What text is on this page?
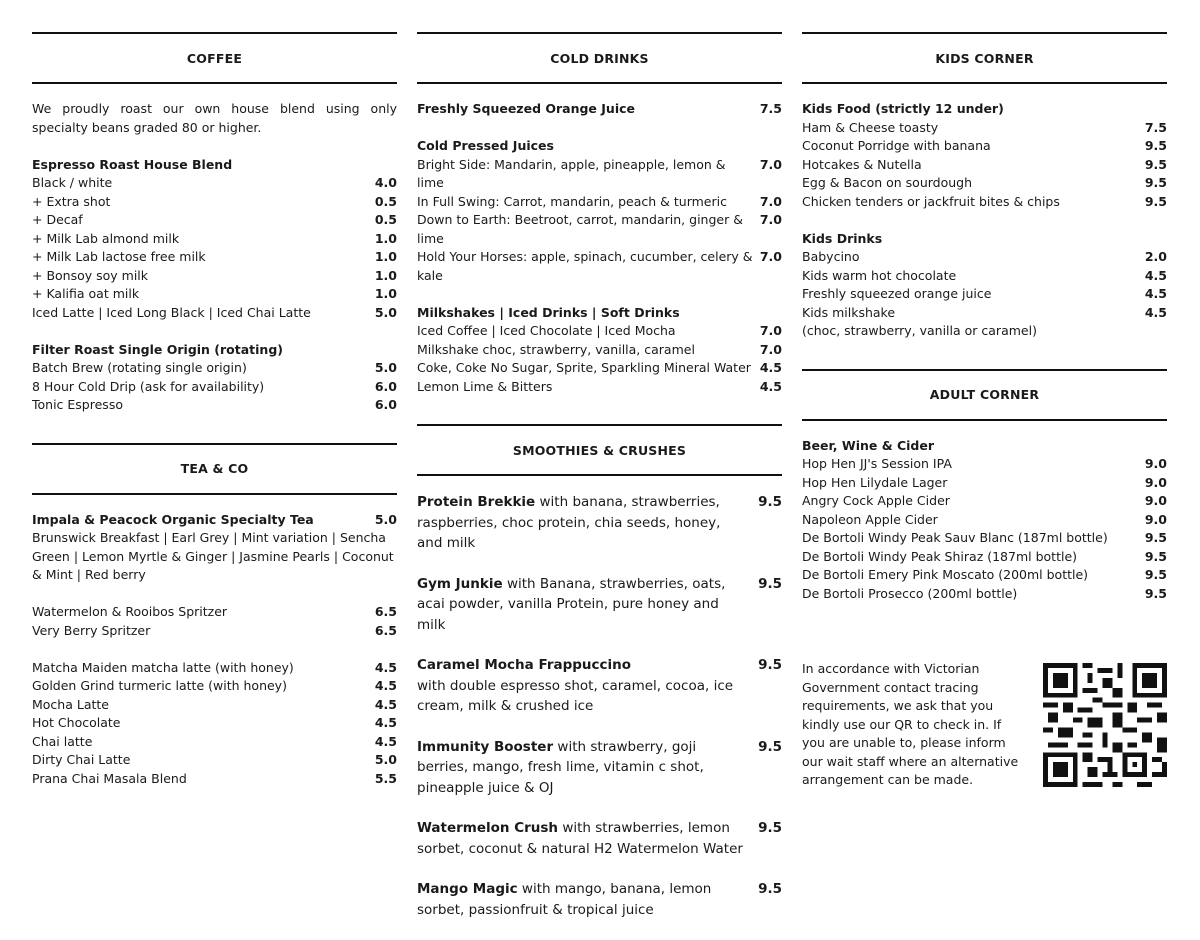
COFFEE
We proudly roast our own house blend using only specialty beans graded 80 or higher.
Espresso Roast House Blend
Black / white	4.0
+ Extra shot	0.5
+ Decaf	0.5
+ Milk Lab almond milk	1.0
+ Milk Lab lactose free milk	1.0
+ Bonsoy soy milk	1.0
+ Kalifia oat milk	1.0
Iced Latte | Iced Long Black | Iced Chai Latte	5.0
Filter Roast Single Origin (rotating)
Batch Brew (rotating single origin)	5.0
8 Hour Cold Drip (ask for availability)	6.0
Tonic Espresso	6.0
TEA & CO
Impala & Peacock Organic Specialty Tea	5.0
Brunswick Breakfast | Earl Grey | Mint variation | Sencha Green | Lemon Myrtle & Ginger | Jasmine Pearls | Coconut & Mint | Red berry
Watermelon & Rooibos Spritzer	6.5
Very Berry Spritzer	6.5
Matcha Maiden matcha latte (with honey)	4.5
Golden Grind turmeric latte (with honey)	4.5
Mocha Latte	4.5
Hot Chocolate	4.5
Chai latte	4.5
Dirty Chai Latte	5.0
Prana Chai Masala Blend	5.5
COLD DRINKS
Freshly Squeezed Orange Juice	7.5
Cold Pressed Juices
Bright Side: Mandarin, apple, pineapple, lemon & lime
7.0
In Full Swing: Carrot, mandarin, peach & turmeric	7.0
Down to Earth: Beetroot, carrot, mandarin, ginger & lime
7.0
Hold Your Horses: apple, spinach, cucumber, celery & kale
7.0
Milkshakes | Iced Drinks | Soft Drinks
Iced Coffee | Iced Chocolate | Iced Mocha	7.0
Milkshake choc, strawberry, vanilla, caramel	7.0
Coke, Coke No Sugar, Sprite, Sparkling Mineral Water 4.5
Lemon Lime & Bitters	4.5
SMOOTHIES & CRUSHES
Protein Brekkie with banana, strawberries, raspberries, choc protein, chia seeds, honey, and milk
9.5
Gym Junkie with Banana, strawberries, oats, acai powder, vanilla Protein, pure honey and milk
9.5
Caramel Mocha Frappuccino
with double espresso shot, caramel, cocoa, ice cream, milk & crushed ice
9.5
Immunity Booster with strawberry, goji berries, mango, fresh lime, vitamin c shot, pineapple juice & OJ
9.5
Watermelon Crush with strawberries, lemon sorbet, coconut & natural H2 Watermelon Water
9.5
Mango Magic with mango, banana, lemon sorbet, passionfruit & tropical juice
9.5
KIDS CORNER
Kids Food (strictly 12 under)
Ham & Cheese toasty	7.5
Coconut Porridge with banana	9.5
Hotcakes & Nutella	9.5
Egg & Bacon on sourdough	9.5
Chicken tenders or jackfruit bites & chips	9.5
Kids Drinks
Babycino	2.0
Kids warm hot chocolate	4.5
Freshly squeezed orange juice	4.5
Kids milkshake	4.5
(choc, strawberry, vanilla or caramel)
ADULT CORNER
Beer, Wine & Cider
Hop Hen JJ's Session IPA	9.0
Hop Hen Lilydale Lager	9.0
Angry Cock Apple Cider	9.0
Napoleon Apple Cider	9.0
De Bortoli Windy Peak Sauv Blanc (187ml bottle)	9.5
De Bortoli Windy Peak Shiraz (187ml bottle)	9.5
De Bortoli Emery Pink Moscato (200ml bottle)	9.5
De Bortoli Prosecco (200ml bottle)	9.5
In accordance with Victorian Government contact tracing requirements, we ask that you kindly use our QR to check in. If you are unable to, please inform our wait staff where an alternative arrangement can be made.
